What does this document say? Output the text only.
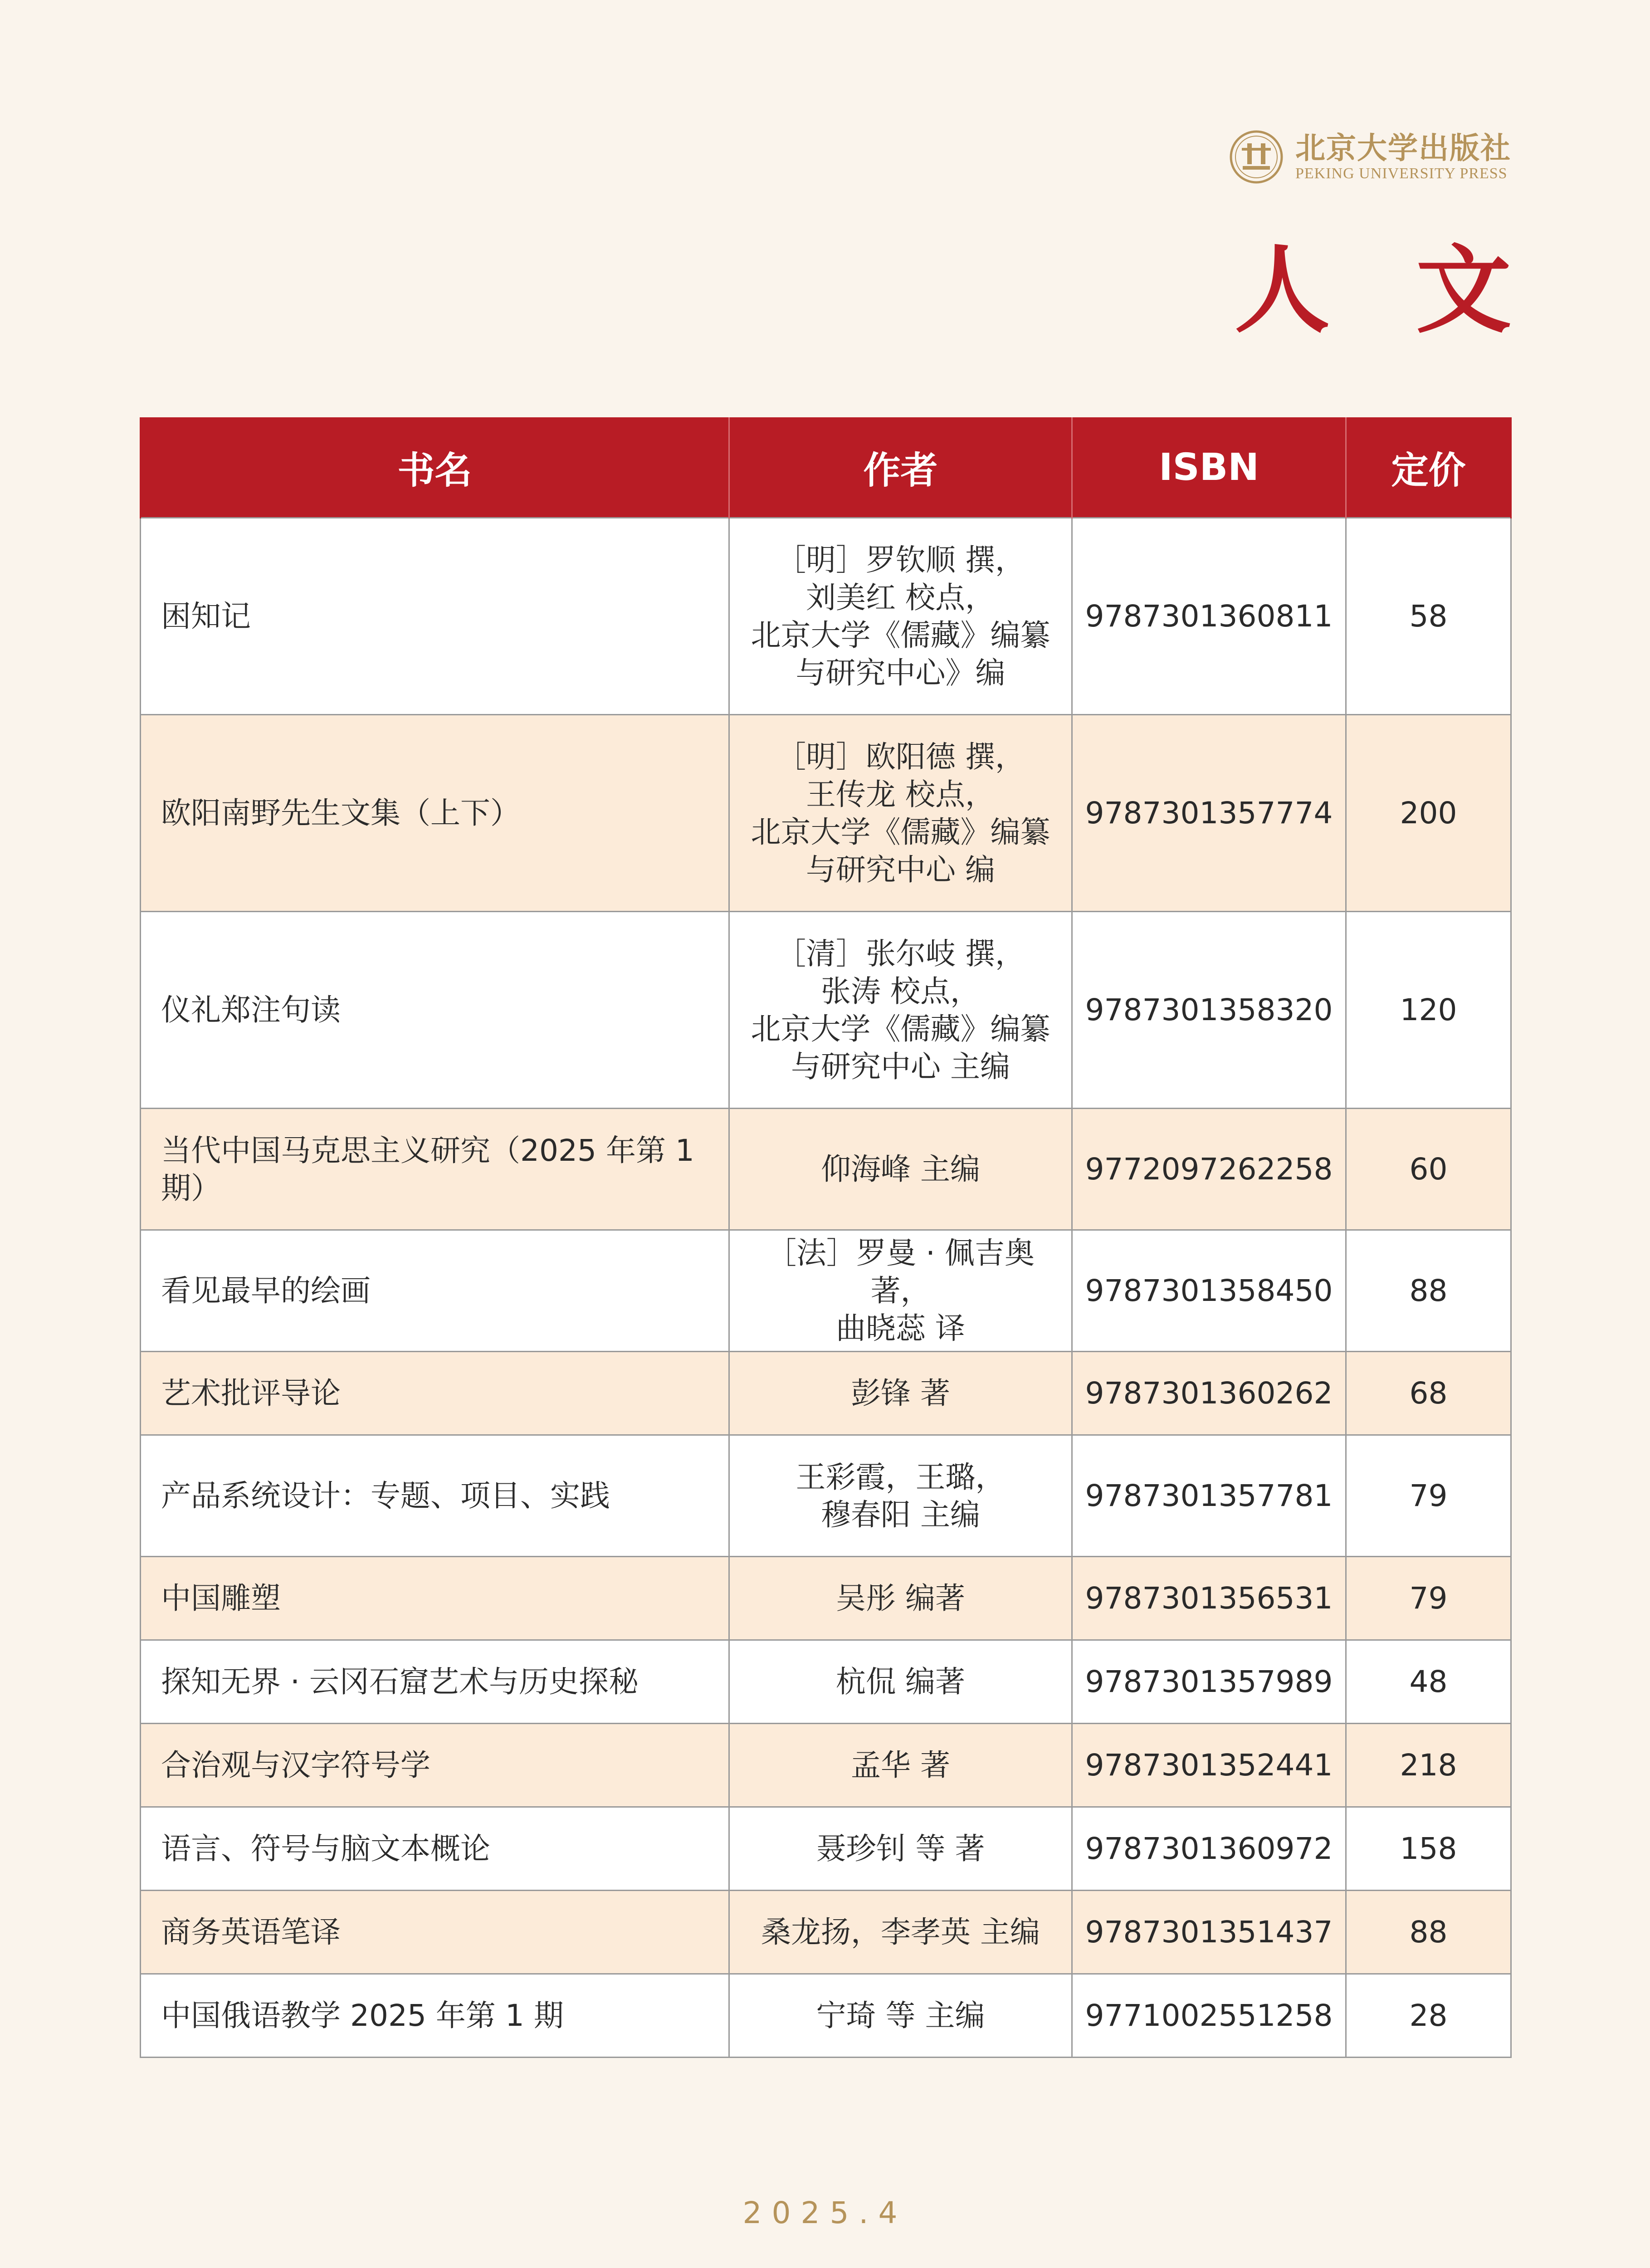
北京大学出版社
PEKING UNIVERSITY PRESS
人文
书名	作者	ISBN	定价
困知记	［明］罗钦顺 撰，
刘美红 校点，
北京大学《儒藏》编纂
与研究中心》编	9787301360811	58
欧阳南野先生文集（上下）	［明］欧阳德 撰，
王传龙 校点，
北京大学《儒藏》编纂
与研究中心 编	9787301357774	200
仪礼郑注句读	［清］张尔岐 撰，
张涛 校点，
北京大学《儒藏》编纂
与研究中心 主编	9787301358320	120
当代中国马克思主义研究（2025 年第 1 期）	仰海峰 主编	9772097262258	60
看见最早的绘画	［法］罗曼 · 佩吉奥 著，
曲晓蕊 译	9787301358450	88
艺术批评导论	彭锋 著	9787301360262	68
产品系统设计：专题、项目、实践	王彩霞，王璐，
穆春阳 主编	9787301357781	79
中国雕塑	吴彤 编著	9787301356531	79
探知无界 · 云冈石窟艺术与历史探秘	杭侃 编著	9787301357989	48
合治观与汉字符号学	孟华 著	9787301352441	218
语言、符号与脑文本概论	聂珍钊 等 著	9787301360972	158
商务英语笔译	桑龙扬，李孝英 主编	9787301351437	88
中国俄语教学 2025 年第 1 期	宁琦 等 主编	9771002551258	28
2025.4
